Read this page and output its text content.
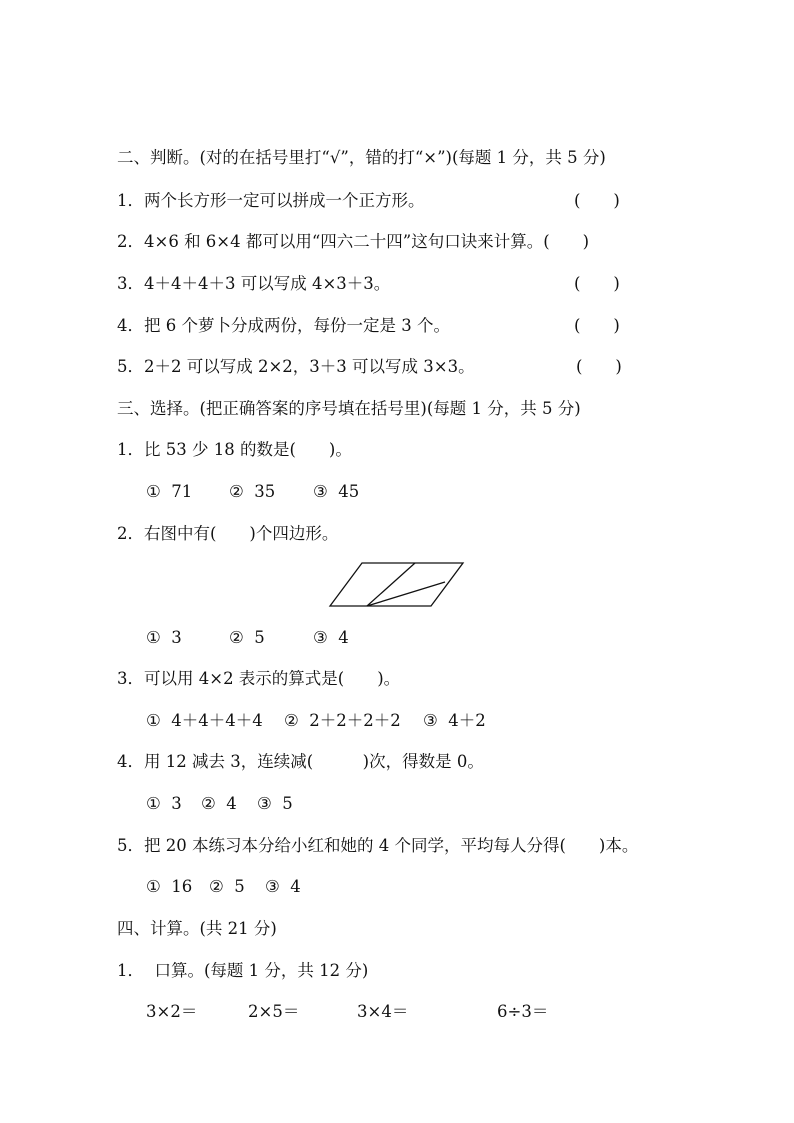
二、判断。(对的在括号里打“√”，错的打“×”)(每题 1 分，共 5 分)
1．两个长方形一定可以拼成一个正方形。	(　　)
2．4×6 和 6×4 都可以用“四六二十四”这句口诀来计算。(　　)
3．4＋4＋4＋3 可以写成 4×3＋3。	(　　)
4．把 6 个萝卜分成两份，每份一定是 3 个。	(　　)
5．2＋2 可以写成 2×2，3＋3 可以写成 3×3。	(　　)
三、选择。(把正确答案的序号填在括号里)(每题 1 分，共 5 分)
1．比 53 少 18 的数是(　　)。
①  71 ②  35 ③  45
2．右图中有(　　)个四边形。
①  3	②  5	③  4
3．可以用 4×2 表示的算式是(　　)。
①  4＋4＋4＋4 ②  2＋2＋2＋2 ③  4＋2
4．用 12 减去 3，连续减(　　　)次，得数是 0。
①  3 ②  4 ③  5
5．把 20 本练习本分给小红和她的 4 个同学，平均每人分得(　　)本。
①  16 ②  5 ③  4
四、计算。(共 21 分)
1．  口算。(每题 1 分，共 12 分)
3×2＝	2×5＝	3×4＝	6÷3＝
